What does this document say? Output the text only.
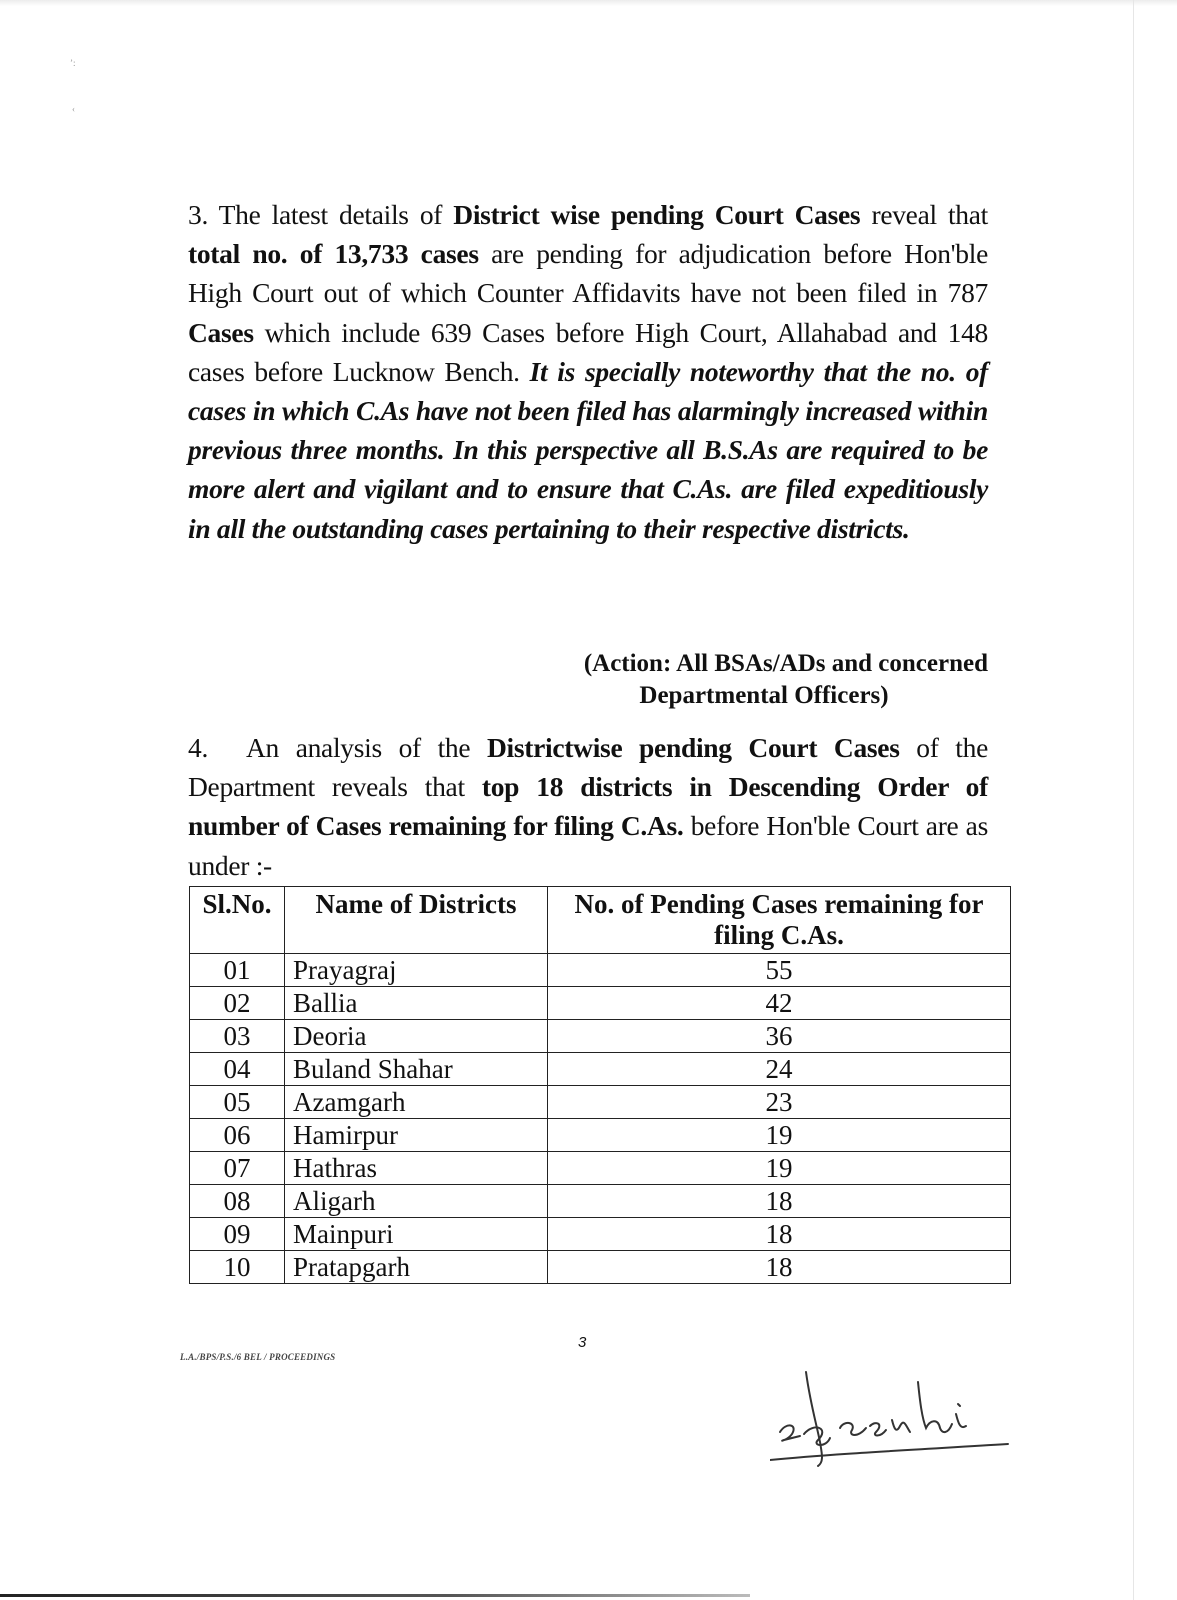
ʼ:
‹
3. The latest details of District wise pending Court Cases reveal that total no. of 13,733 cases are pending for adjudication before Hon'ble High Court out of which Counter Affidavits have not been filed in 787 Cases which include 639 Cases before High Court, Allahabad and 148 cases before Lucknow Bench. It is specially noteworthy that the no. of cases in which C.As have not been filed has alarmingly increased within previous three months. In this perspective all B.S.As are required to be more alert and vigilant and to ensure that C.As. are filed expeditiously in all the outstanding cases pertaining to their respective districts.
(Action: All BSAs/ADs and concerned
Departmental Officers)
4. An analysis of the Districtwise pending Court Cases of the Department reveals that top 18 districts in Descending Order of number of Cases remaining for filing C.As. before Hon'ble Court are as under :-
Sl.No.	Name of Districts	No. of Pending Cases remaining for filing C.As.
01	Prayagraj	55
02	Ballia	42
03	Deoria	36
04	Buland Shahar	24
05	Azamgarh	23
06	Hamirpur	19
07	Hathras	19
08	Aligarh	18
09	Mainpuri	18
10	Pratapgarh	18
3
L.A./BPS/P.S./6 BEL / PROCEEDINGS
